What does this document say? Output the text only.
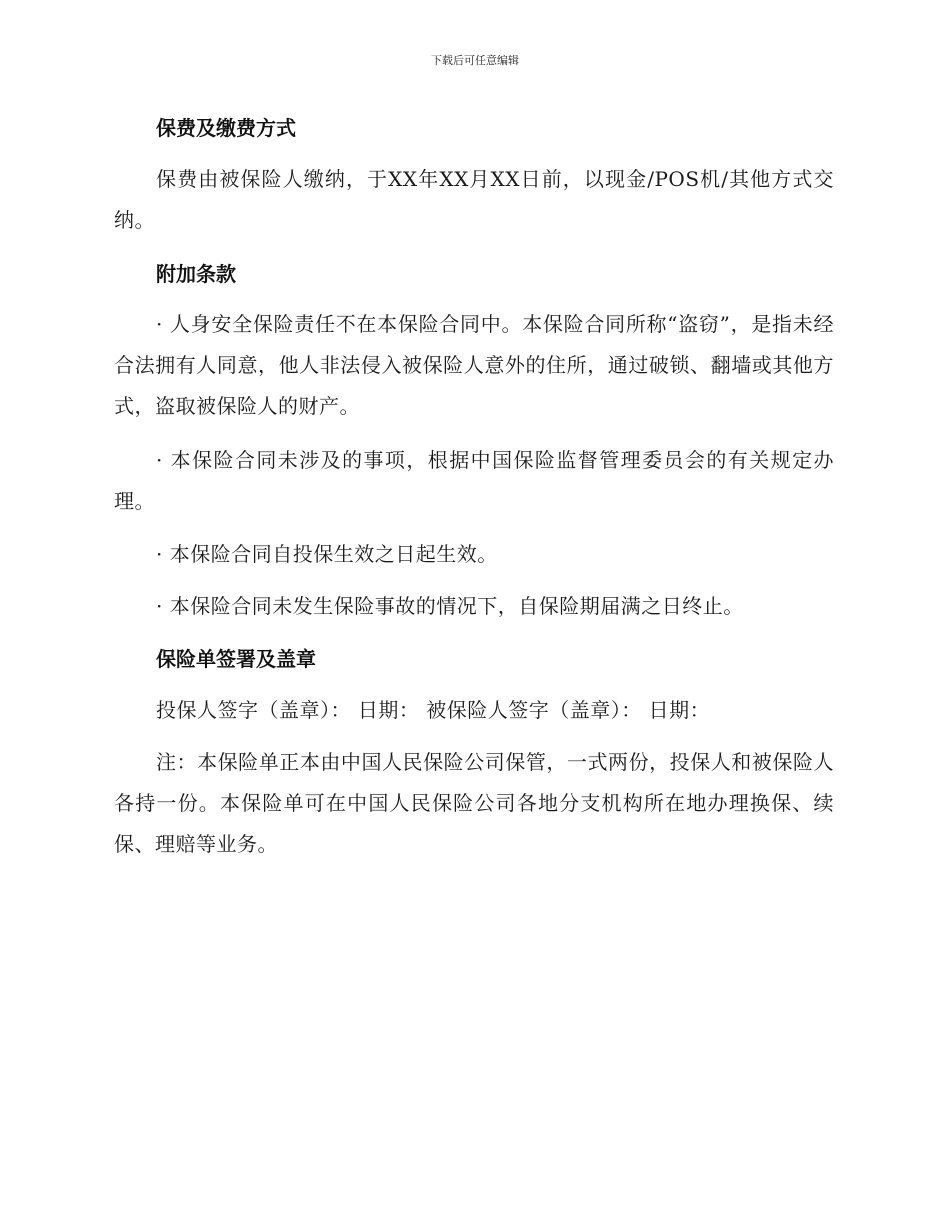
下载后可任意编辑
保费及缴费方式
保费由被保险人缴纳，于XX年XX月XX日前，以现金/POS机/其他方式交纳。
附加条款
· 人身安全保险责任不在本保险合同中。本保险合同所称“盗窃”，是指未经合法拥有人同意，他人非法侵入被保险人意外的住所，通过破锁、翻墙或其他方式，盗取被保险人的财产。
· 本保险合同未涉及的事项，根据中国保险监督管理委员会的有关规定办理。
· 本保险合同自投保生效之日起生效。
· 本保险合同未发生保险事故的情况下，自保险期届满之日终止。
保险单签署及盖章
投保人签字（盖章）： 日期： 被保险人签字（盖章）： 日期：
注：本保险单正本由中国人民保险公司保管，一式两份，投保人和被保险人各持一份。本保险单可在中国人民保险公司各地分支机构所在地办理换保、续保、理赔等业务。
